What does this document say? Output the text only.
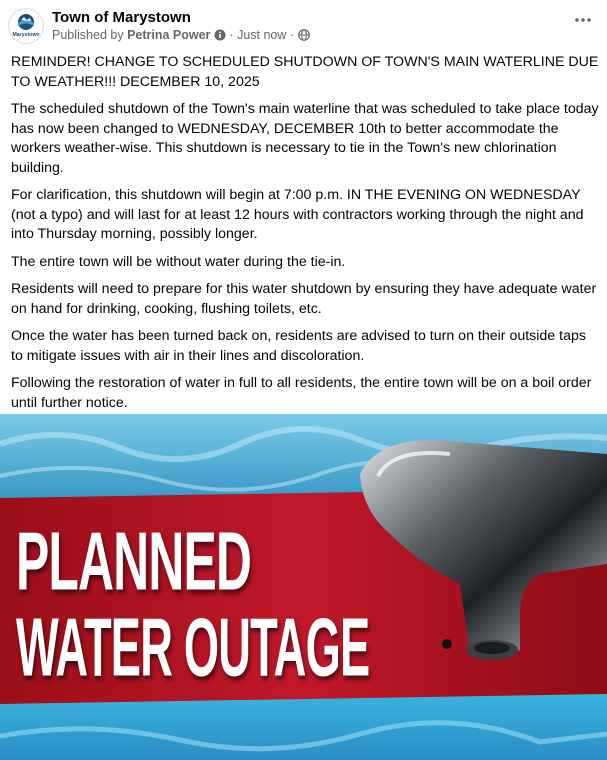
Marystown
Town of Marystown
Published by Petrina Power · Just now ·

REMINDER! CHANGE TO SCHEDULED SHUTDOWN OF TOWN'S MAIN WATERLINE DUE TO WEATHER!!! DECEMBER 10, 2025

The scheduled shutdown of the Town's main waterline that was scheduled to take place today has now been changed to WEDNESDAY, DECEMBER 10th to better accommodate the workers weather-wise. This shutdown is necessary to tie in the Town's new chlorination building.

For clarification, this shutdown will begin at 7:00 p.m. IN THE EVENING ON WEDNESDAY (not a typo) and will last for at least 12 hours with contractors working through the night and into Thursday morning, possibly longer.

The entire town will be without water during the tie-in.

Residents will need to prepare for this water shutdown by ensuring they have adequate water on hand for drinking, cooking, flushing toilets, etc.

Once the water has been turned back on, residents are advised to turn on their outside taps to mitigate issues with air in their lines and discoloration.

Following the restoration of water in full to all residents, the entire town will be on a boil order until further notice.

PLANNED
WATER OUTAGE
